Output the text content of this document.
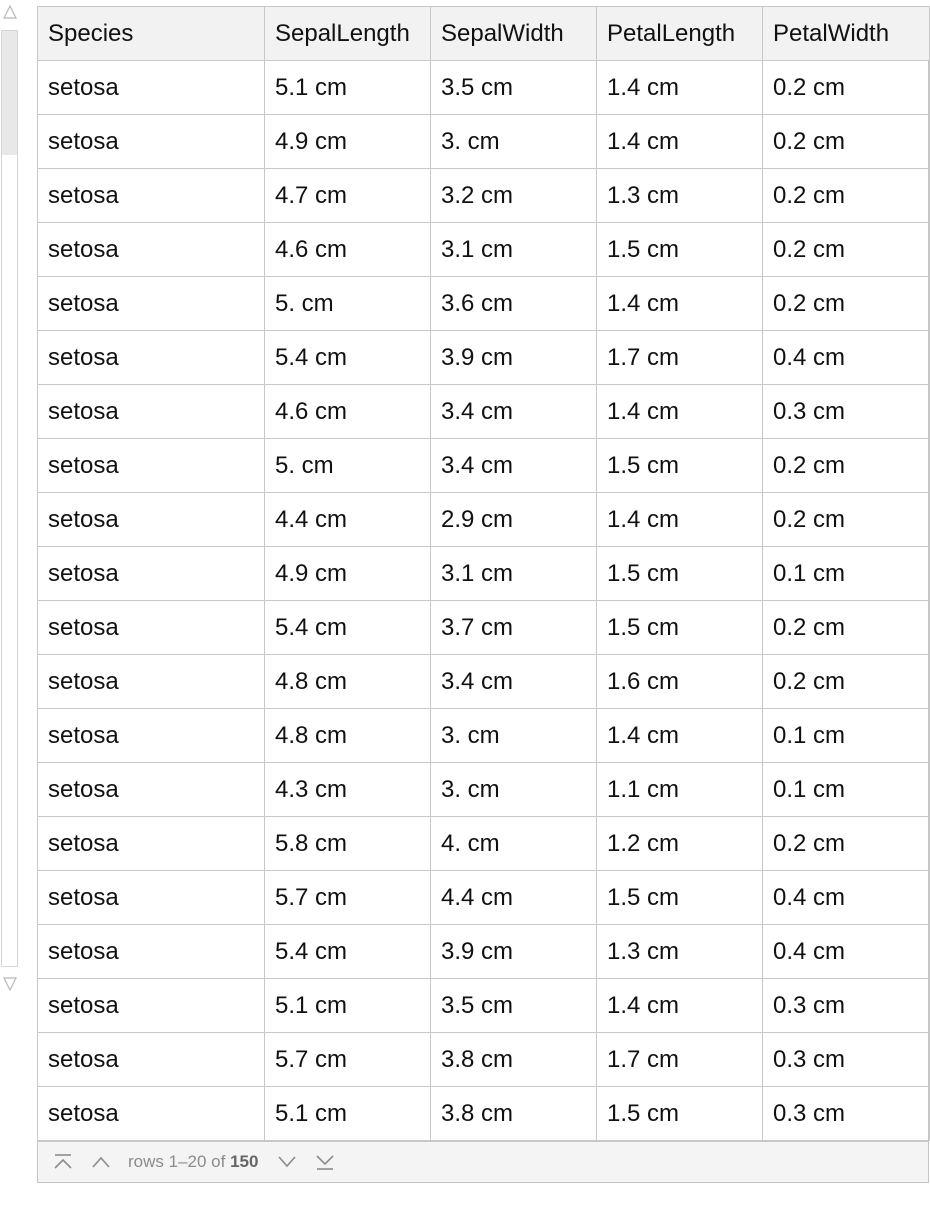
Species	SepalLength	SepalWidth	PetalLength	PetalWidth
setosa	5.1 cm	3.5 cm	1.4 cm	0.2 cm
setosa	4.9 cm	3. cm	1.4 cm	0.2 cm
setosa	4.7 cm	3.2 cm	1.3 cm	0.2 cm
setosa	4.6 cm	3.1 cm	1.5 cm	0.2 cm
setosa	5. cm	3.6 cm	1.4 cm	0.2 cm
setosa	5.4 cm	3.9 cm	1.7 cm	0.4 cm
setosa	4.6 cm	3.4 cm	1.4 cm	0.3 cm
setosa	5. cm	3.4 cm	1.5 cm	0.2 cm
setosa	4.4 cm	2.9 cm	1.4 cm	0.2 cm
setosa	4.9 cm	3.1 cm	1.5 cm	0.1 cm
setosa	5.4 cm	3.7 cm	1.5 cm	0.2 cm
setosa	4.8 cm	3.4 cm	1.6 cm	0.2 cm
setosa	4.8 cm	3. cm	1.4 cm	0.1 cm
setosa	4.3 cm	3. cm	1.1 cm	0.1 cm
setosa	5.8 cm	4. cm	1.2 cm	0.2 cm
setosa	5.7 cm	4.4 cm	1.5 cm	0.4 cm
setosa	5.4 cm	3.9 cm	1.3 cm	0.4 cm
setosa	5.1 cm	3.5 cm	1.4 cm	0.3 cm
setosa	5.7 cm	3.8 cm	1.7 cm	0.3 cm
setosa	5.1 cm	3.8 cm	1.5 cm	0.3 cm
rows 1–20 of 150
